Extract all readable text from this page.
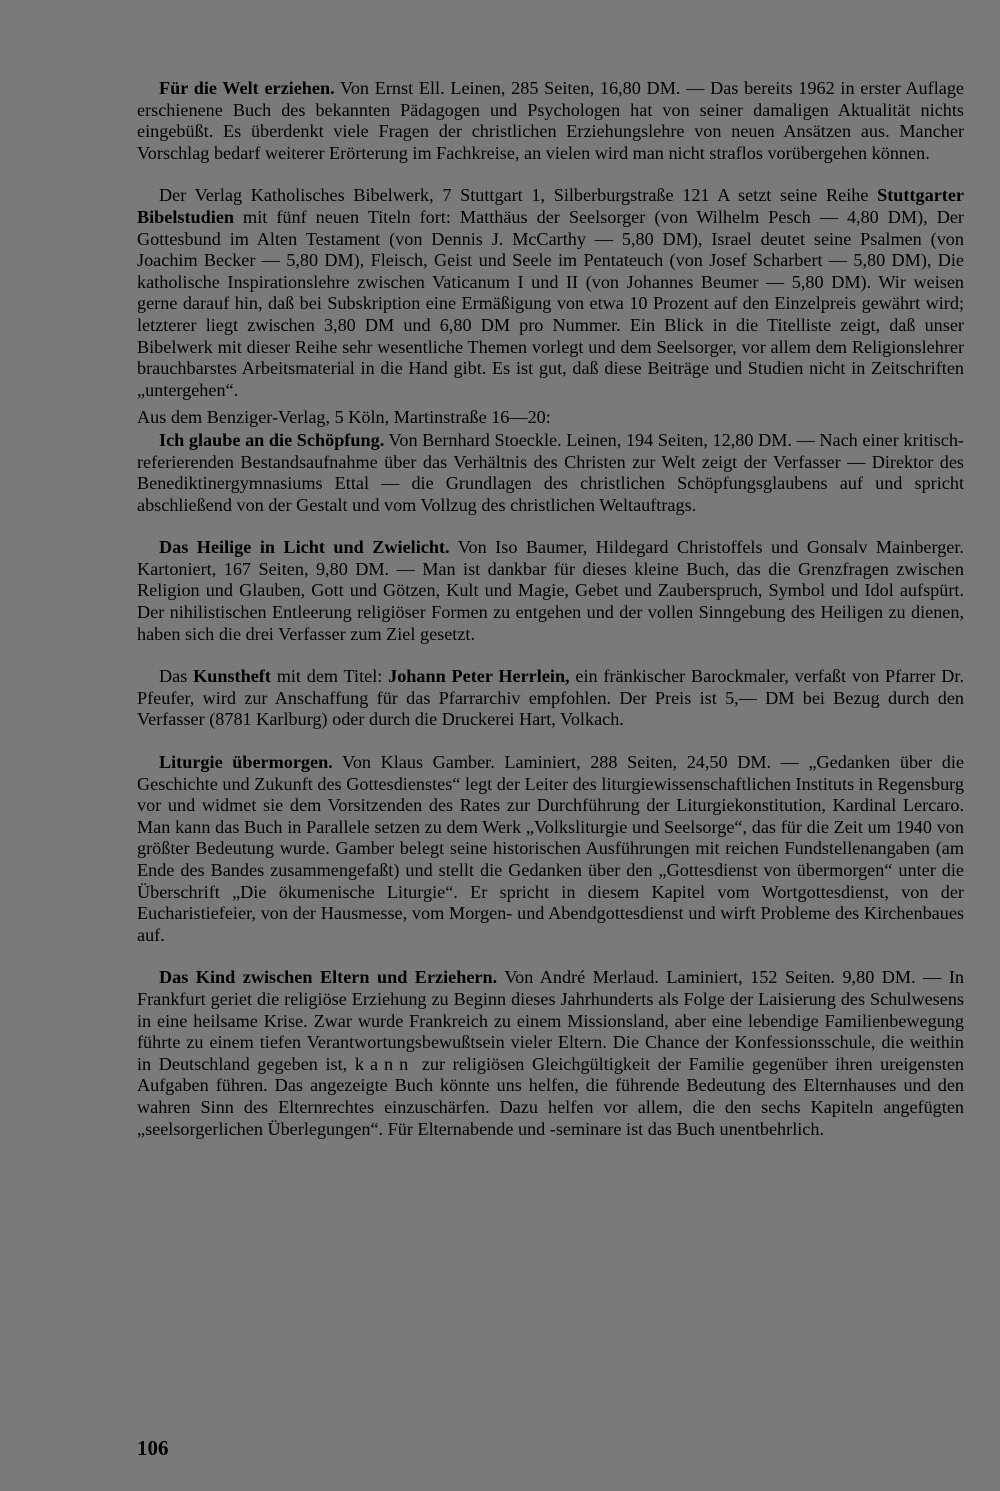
Für die Welt erziehen. Von Ernst Ell. Leinen, 285 Seiten, 16,80 DM. — Das bereits 1962 in erster Auflage erschienene Buch des bekannten Pädagogen und Psychologen hat von seiner damaligen Aktualität nichts eingebüßt. Es überdenkt viele Fragen der christlichen Erziehungslehre von neuen Ansätzen aus. Mancher Vorschlag bedarf weiterer Erörterung im Fachkreise, an vielen wird man nicht straflos vorübergehen können.

Der Verlag Katholisches Bibelwerk, 7 Stuttgart 1, Silberburgstraße 121 A setzt seine Reihe Stuttgarter Bibelstudien mit fünf neuen Titeln fort: Matthäus der Seelsorger (von Wilhelm Pesch — 4,80 DM), Der Gottesbund im Alten Testament (von Dennis J. McCarthy — 5,80 DM), Israel deutet seine Psalmen (von Joachim Becker — 5,80 DM), Fleisch, Geist und Seele im Pentateuch (von Josef Scharbert — 5,80 DM), Die katholische Inspirationslehre zwischen Vaticanum I und II (von Johannes Beumer — 5,80 DM). Wir weisen gerne darauf hin, daß bei Subskription eine Ermäßigung von etwa 10 Prozent auf den Einzelpreis gewährt wird; letzterer liegt zwischen 3,80 DM und 6,80 DM pro Nummer. Ein Blick in die Titelliste zeigt, daß unser Bibelwerk mit dieser Reihe sehr wesentliche Themen vorlegt und dem Seelsorger, vor allem dem Religionslehrer brauchbarstes Arbeitsmaterial in die Hand gibt. Es ist gut, daß diese Beiträge und Studien nicht in Zeitschriften „untergehen“.

Aus dem Benziger-Verlag, 5 Köln, Martinstraße 16—20:

Ich glaube an die Schöpfung. Von Bernhard Stoeckle. Leinen, 194 Seiten, 12,80 DM. — Nach einer kritisch-referierenden Bestandsaufnahme über das Verhältnis des Christen zur Welt zeigt der Verfasser — Direktor des Benediktinergymnasiums Ettal — die Grundlagen des christlichen Schöpfungsglaubens auf und spricht abschließend von der Gestalt und vom Vollzug des christlichen Weltauftrags.

Das Heilige in Licht und Zwielicht. Von Iso Baumer, Hildegard Christoffels und Gonsalv Mainberger. Kartoniert, 167 Seiten, 9,80 DM. — Man ist dankbar für dieses kleine Buch, das die Grenzfragen zwischen Religion und Glauben, Gott und Götzen, Kult und Magie, Gebet und Zauberspruch, Symbol und Idol aufspürt. Der nihilistischen Entleerung religiöser Formen zu entgehen und der vollen Sinngebung des Heiligen zu dienen, haben sich die drei Verfasser zum Ziel gesetzt.

Das Kunstheft mit dem Titel: Johann Peter Herrlein, ein fränkischer Barockmaler, verfaßt von Pfarrer Dr. Pfeufer, wird zur Anschaffung für das Pfarrarchiv empfohlen. Der Preis ist 5,— DM bei Bezug durch den Verfasser (8781 Karlburg) oder durch die Druckerei Hart, Volkach.

Liturgie übermorgen. Von Klaus Gamber. Laminiert, 288 Seiten, 24,50 DM. — „Gedanken über die Geschichte und Zukunft des Gottesdienstes“ legt der Leiter des liturgiewissenschaftlichen Instituts in Regensburg vor und widmet sie dem Vorsitzenden des Rates zur Durchführung der Liturgiekonstitution, Kardinal Lercaro. Man kann das Buch in Parallele setzen zu dem Werk „Volksliturgie und Seelsorge“, das für die Zeit um 1940 von größter Bedeutung wurde. Gamber belegt seine historischen Ausführungen mit reichen Fundstellenangaben (am Ende des Bandes zusammengefaßt) und stellt die Gedanken über den „Gottesdienst von übermorgen“ unter die Überschrift „Die ökumenische Liturgie“. Er spricht in diesem Kapitel vom Wortgottesdienst, von der Eucharistiefeier, von der Hausmesse, vom Morgen- und Abendgottesdienst und wirft Probleme des Kirchenbaues auf.

Das Kind zwischen Eltern und Erziehern. Von André Merlaud. Laminiert, 152 Seiten. 9,80 DM. — In Frankfurt geriet die religiöse Erziehung zu Beginn dieses Jahrhunderts als Folge der Laisierung des Schulwesens in eine heilsame Krise. Zwar wurde Frankreich zu einem Missionsland, aber eine lebendige Familienbewegung führte zu einem tiefen Verantwortungsbewußtsein vieler Eltern. Die Chance der Konfessionsschule, die weithin in Deutschland gegeben ist, kann zur religiösen Gleichgültigkeit der Familie gegenüber ihren ureigensten Aufgaben führen. Das angezeigte Buch könnte uns helfen, die führende Bedeutung des Elternhauses und den wahren Sinn des Elternrechtes einzuschärfen. Dazu helfen vor allem, die den sechs Kapiteln angefügten „seelsorgerlichen Überlegungen“. Für Elternabende und -seminare ist das Buch unentbehrlich.

106
